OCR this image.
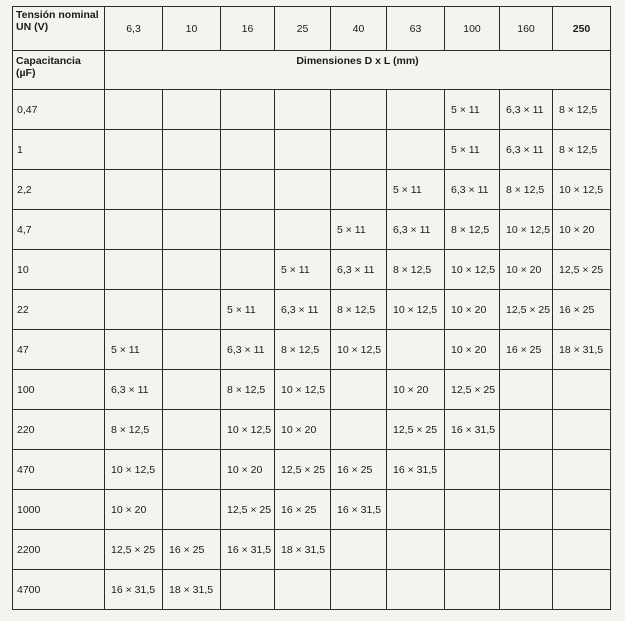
Tensión nominal UN (V)	6,3	10	16	25	40	63	100	160	250
Capacitancia (µF)	Dimensiones D x L (mm)								
0,47							5 × 11	6,3 × 11	8 × 12,5
1							5 × 11	6,3 × 11	8 × 12,5
2,2						5 × 11	6,3 × 11	8 × 12,5	10 × 12,5
4,7					5 × 11	6,3 × 11	8 × 12,5	10 × 12,5	10 × 20
10				5 × 11	6,3 × 11	8 × 12,5	10 × 12,5	10 × 20	12,5 × 25
22			5 × 11	6,3 × 11	8 × 12,5	10 × 12,5	10 × 20	12,5 × 25	16 × 25
47	5 × 11		6,3 × 11	8 × 12,5	10 × 12,5		10 × 20	16 × 25	18 × 31,5
100	6,3 × 11		8 × 12,5	10 × 12,5		10 × 20	12,5 × 25		
220	8 × 12,5		10 × 12,5	10 × 20		12,5 × 25	16 × 31,5		
470	10 × 12,5		10 × 20	12,5 × 25	16 × 25	16 × 31,5			
1000	10 × 20		12,5 × 25	16 × 25	16 × 31,5				
2200	12,5 × 25	16 × 25	16 × 31,5	18 × 31,5					
4700	16 × 31,5	18 × 31,5							
